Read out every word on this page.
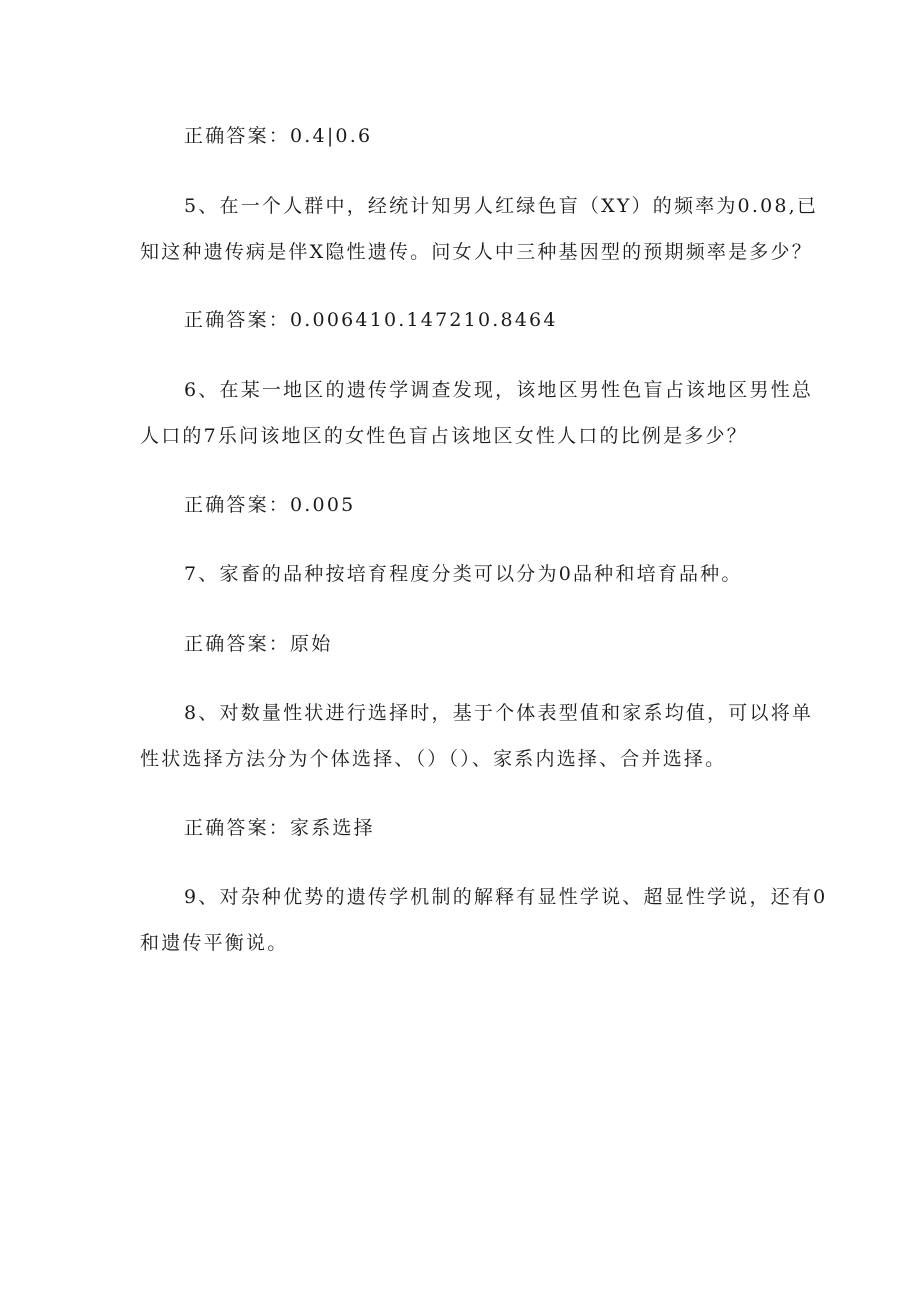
正确答案：0.4|0.6
5、在一个人群中，经统计知男人红绿色盲（XY）的频率为0.08,已
知这种遗传病是伴X隐性遗传。问女人中三种基因型的预期频率是多少？
正确答案：0.006410.147210.8464
6、在某一地区的遗传学调查发现，该地区男性色盲占该地区男性总
人口的7乐问该地区的女性色盲占该地区女性人口的比例是多少？
正确答案：0.005
7、家畜的品种按培育程度分类可以分为0品种和培育品种。
正确答案：原始
8、对数量性状进行选择时，基于个体表型值和家系均值，可以将单
性状选择方法分为个体选择、（）（）、家系内选择、合并选择。
正确答案：家系选择
9、对杂种优势的遗传学机制的解释有显性学说、超显性学说，还有0
和遗传平衡说。
